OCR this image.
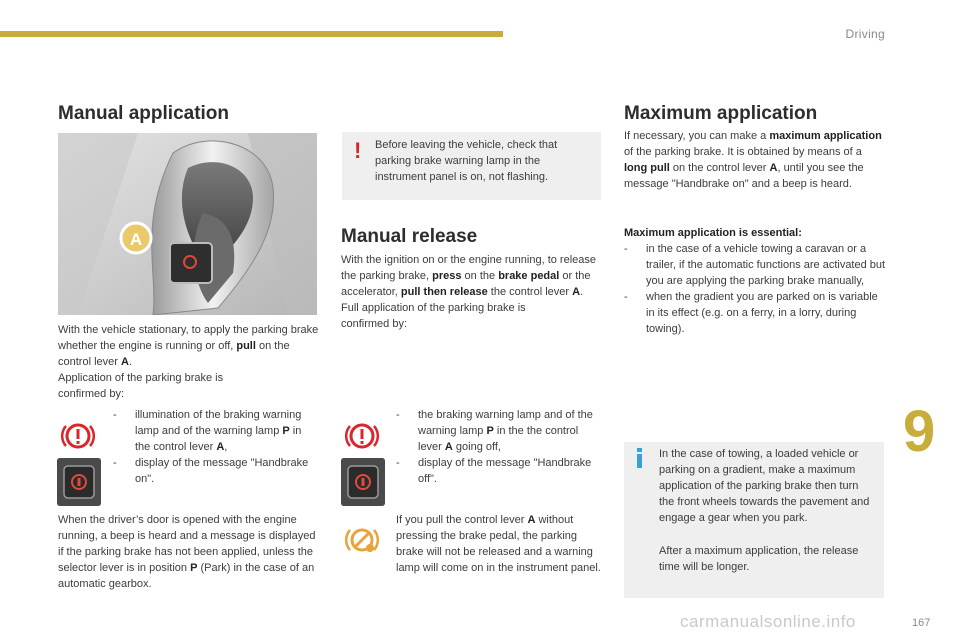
Driving
9
carmanualsonline.info	167
Manual application
A

With the vehicle stationary, to apply the parking brake whether the engine is running or off, pull on the control lever A.

Application of the parking brake is confirmed by:

- illumination of the braking warning lamp and of the warning lamp P in the control lever A,
- display of the message "Handbrake on".

When the driver’s door is opened with the engine running, a beep is heard and a message is displayed if the parking brake has not been applied, unless the selector lever is in position P (Park) in the case of an automatic gearbox.

! Before leaving the vehicle, check that parking brake warning lamp in the instrument panel is on, not flashing.

Manual release

With the ignition on or the engine running, to release the parking brake, press on the brake pedal or the accelerator, pull then release the control lever A.

Full application of the parking brake is confirmed by:

- the braking warning lamp and of the warning lamp P in the the control lever A going off,
- display of the message "Handbrake off".

If you pull the control lever A without pressing the brake pedal, the parking brake will not be released and a warning lamp will come on in the instrument panel.

Maximum application

If necessary, you can make a maximum application of the parking brake. It is obtained by means of a long pull on the control lever A, until you see the message "Handbrake on" and a beep is heard.

Maximum application is essential:

- in the case of a vehicle towing a caravan or a trailer, if the automatic functions are activated but you are applying the parking brake manually,
- when the gradient you are parked on is variable in its effect (e.g. on a ferry, in a lorry, during towing).

In the case of towing, a loaded vehicle or parking on a gradient, make a maximum application of the parking brake then turn the front wheels towards the pavement and engage a gear when you park.

After a maximum application, the release time will be longer.
